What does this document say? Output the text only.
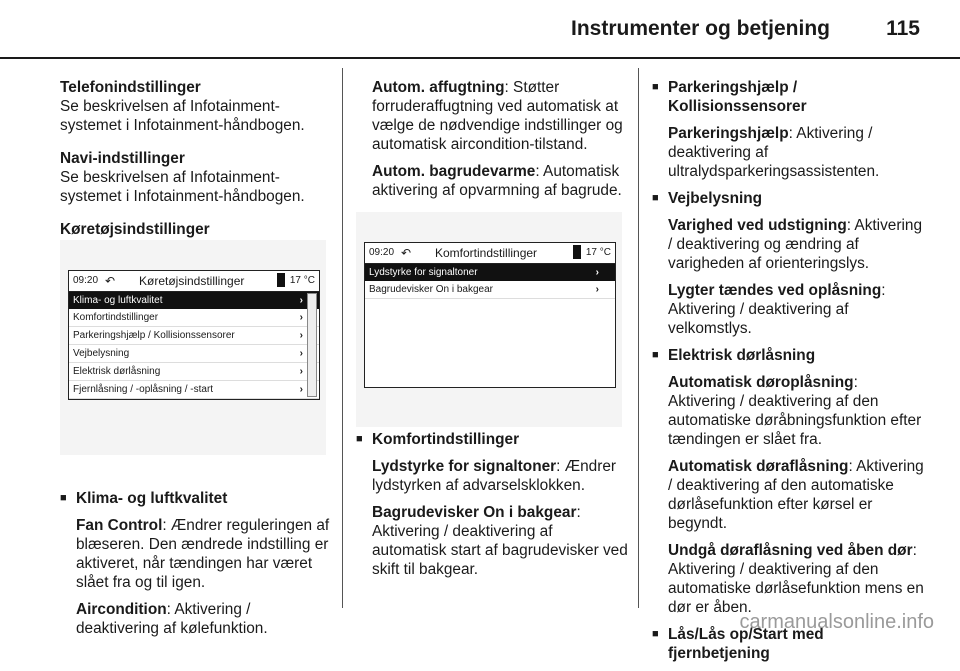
Instrumenter og betjening	115

Telefonindstillinger
Se beskrivelsen af Infotainment-systemet i Infotainment-håndbogen.

Navi-indstillinger
Se beskrivelsen af Infotainment-systemet i Infotainment-håndbogen.

Køretøjsindstillinger

■ Klima- og luftkvalitet

Fan Control: Ændrer reguleringen af blæseren. Den ændrede indstilling er aktiveret, når tændingen har været slået fra og til igen.

Aircondition: Aktivering / deaktivering af kølefunktion.

09:20 ↶ Køretøjsindstillinger	17 °C
Klima- og luftkvalitet	›
Komfortindstillinger	›
Parkeringshjælp / Kollisionssensorer	›
Vejbelysning	›
Elektrisk dørlåsning	›
Fjernlåsning / -oplåsning / -start	›

Autom. affugtning: Støtter forruderaffugtning ved automatisk at vælge de nødvendige indstillinger og automatisk aircondition-tilstand.

Autom. bagrudevarme: Automatisk aktivering af opvarmning af bagrude.

■ Komfortindstillinger

Lydstyrke for signaltoner: Ændrer lydstyrken af advarselsklokken.

Bagrudevisker On i bakgear: Aktivering / deaktivering af automatisk start af bagrudevisker ved skift til bakgear.

09:20 ↶ Komfortindstillinger	17 °C
Lydstyrke for signaltoner	›
Bagrudevisker On i bakgear	›
■ Parkeringshjælp / Kollisionssensorer

Parkeringshjælp: Aktivering / deaktivering af ultralydsparkeringsassistenten.

■ Vejbelysning

Varighed ved udstigning: Aktivering / deaktivering og ændring af varigheden af orienteringslys.

Lygter tændes ved oplåsning: Aktivering / deaktivering af velkomstlys.

■ Elektrisk dørlåsning

Automatisk døroplåsning: Aktivering / deaktivering af den automatiske døråbningsfunktion efter tændingen er slået fra.

Automatisk døraflåsning: Aktivering / deaktivering af den automatiske dørlåsefunktion efter kørsel er begyndt.

Undgå døraflåsning ved åben dør: Aktivering / deaktivering af den automatiske dørlåsefunktion mens en dør er åben.

■ Lås/Lås op/Start med fjernbetjening
carmanualsonline.info
